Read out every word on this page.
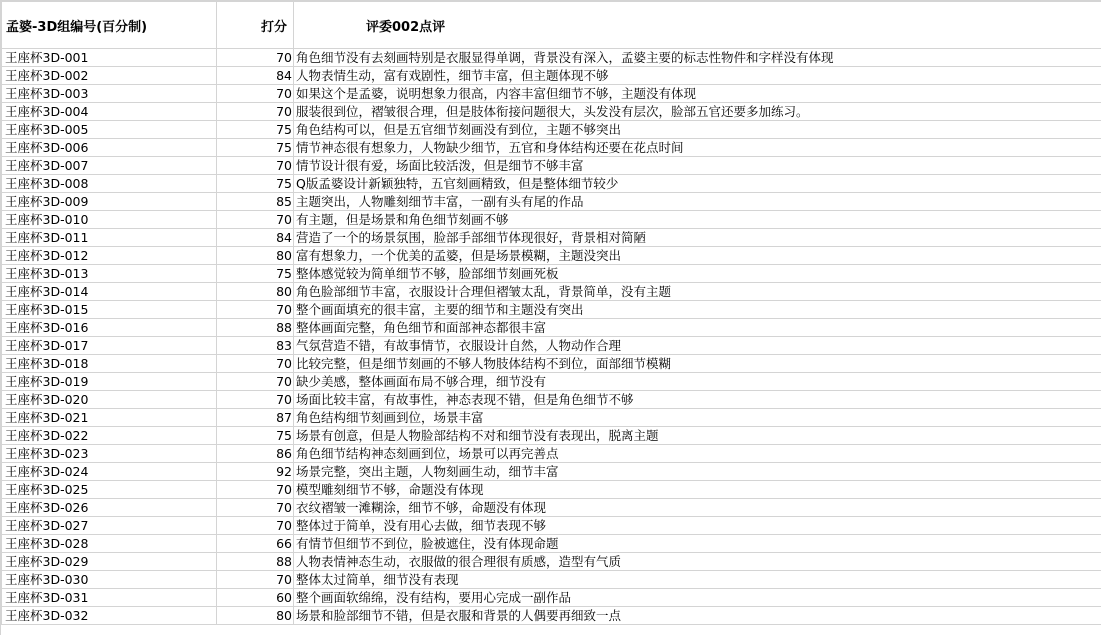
孟婆-3D组编号(百分制)	打分	评委002点评
王座杯3D-001	70	角色细节没有去刻画特别是衣服显得单调，背景没有深入，孟婆主要的标志性物件和字样没有体现
王座杯3D-002	84	人物表情生动，富有戏剧性，细节丰富，但主题体现不够
王座杯3D-003	70	如果这个是孟婆，说明想象力很高，内容丰富但细节不够，主题没有体现
王座杯3D-004	70	服装很到位，褶皱很合理，但是肢体衔接问题很大，头发没有层次，脸部五官还要多加练习。
王座杯3D-005	75	角色结构可以，但是五官细节刻画没有到位，主题不够突出
王座杯3D-006	75	情节神态很有想象力，人物缺少细节，五官和身体结构还要在花点时间
王座杯3D-007	70	情节设计很有爱，场面比较活泼，但是细节不够丰富
王座杯3D-008	75	Q版孟婆设计新颖独特，五官刻画精致，但是整体细节较少
王座杯3D-009	85	主题突出，人物雕刻细节丰富，一副有头有尾的作品
王座杯3D-010	70	有主题，但是场景和角色细节刻画不够
王座杯3D-011	84	营造了一个的场景氛围，脸部手部细节体现很好，背景相对简陋
王座杯3D-012	80	富有想象力，一个优美的孟婆，但是场景模糊，主题没突出
王座杯3D-013	75	整体感觉较为简单细节不够，脸部细节刻画死板
王座杯3D-014	80	角色脸部细节丰富，衣服设计合理但褶皱太乱，背景简单，没有主题
王座杯3D-015	70	整个画面填充的很丰富，主要的细节和主题没有突出
王座杯3D-016	88	整体画面完整，角色细节和面部神态都很丰富
王座杯3D-017	83	气氛营造不错，有故事情节，衣服设计自然，人物动作合理
王座杯3D-018	70	比较完整，但是细节刻画的不够人物肢体结构不到位，面部细节模糊
王座杯3D-019	70	缺少美感，整体画面布局不够合理，细节没有
王座杯3D-020	70	场面比较丰富，有故事性，神态表现不错，但是角色细节不够
王座杯3D-021	87	角色结构细节刻画到位，场景丰富
王座杯3D-022	75	场景有创意，但是人物脸部结构不对和细节没有表现出，脱离主题
王座杯3D-023	86	角色细节结构神态刻画到位，场景可以再完善点
王座杯3D-024	92	场景完整，突出主题，人物刻画生动，细节丰富
王座杯3D-025	70	模型雕刻细节不够，命题没有体现
王座杯3D-026	70	衣纹褶皱一滩糊涂，细节不够，命题没有体现
王座杯3D-027	70	整体过于简单，没有用心去做，细节表现不够
王座杯3D-028	66	有情节但细节不到位，脸被遮住，没有体现命题
王座杯3D-029	88	人物表情神态生动，衣服做的很合理很有质感，造型有气质
王座杯3D-030	70	整体太过简单，细节没有表现
王座杯3D-031	60	整个画面软绵绵，没有结构，要用心完成一副作品
王座杯3D-032	80	场景和脸部细节不错，但是衣服和背景的人偶要再细致一点
